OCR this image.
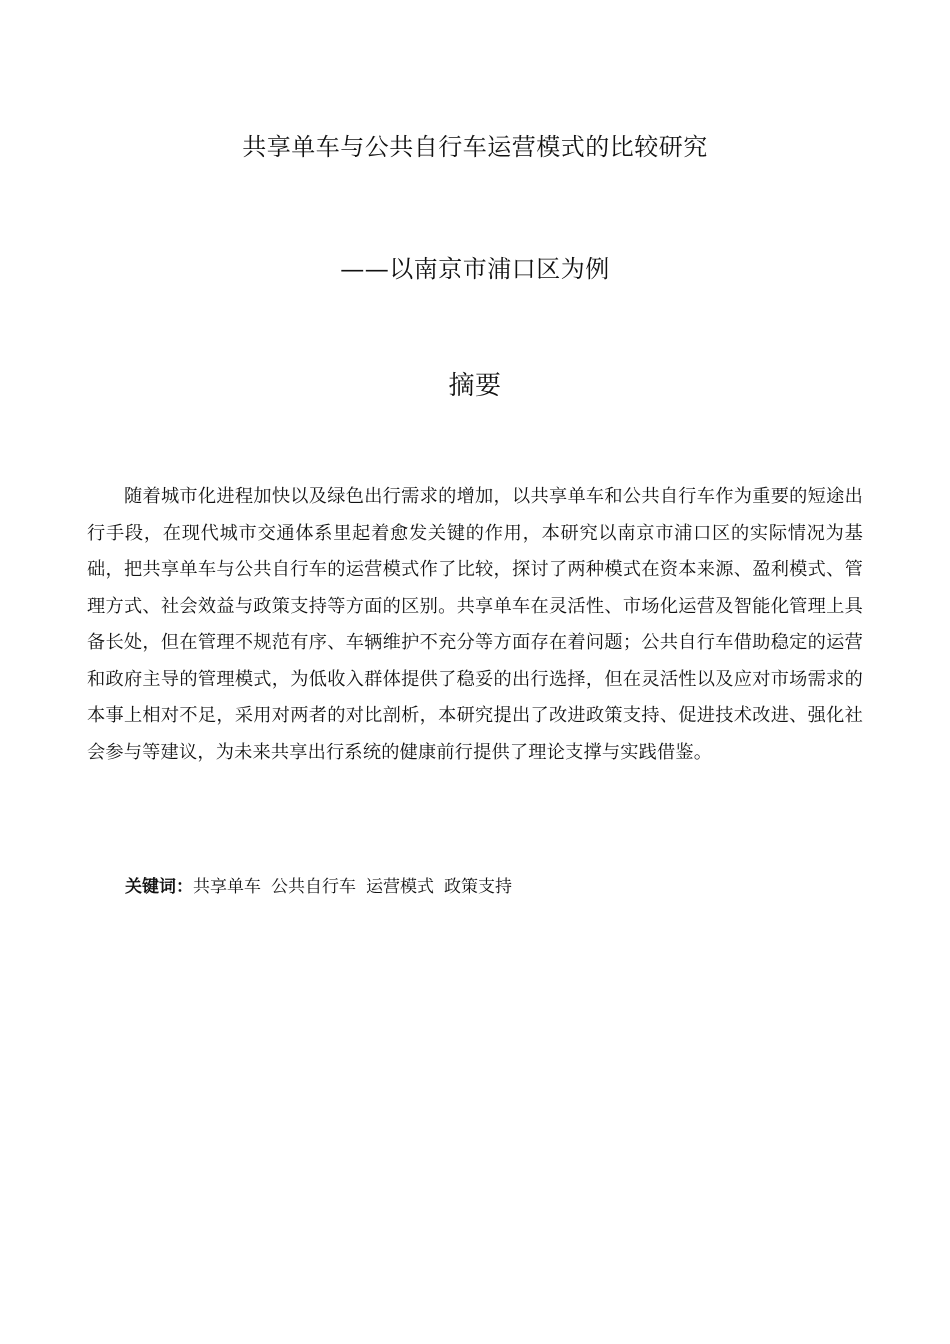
共享单车与公共自行车运营模式的比较研究
——以南京市浦口区为例
摘要
随着城市化进程加快以及绿色出行需求的增加，以共享单车和公共自行车作为重要的短途出行手段，在现代城市交通体系里起着愈发关键的作用，本研究以南京市浦口区的实际情况为基础，把共享单车与公共自行车的运营模式作了比较，探讨了两种模式在资本来源、盈利模式、管理方式、社会效益与政策支持等方面的区别。共享单车在灵活性、市场化运营及智能化管理上具备长处，但在管理不规范有序、车辆维护不充分等方面存在着问题；公共自行车借助稳定的运营和政府主导的管理模式，为低收入群体提供了稳妥的出行选择，但在灵活性以及应对市场需求的本事上相对不足，采用对两者的对比剖析，本研究提出了改进政策支持、促进技术改进、强化社会参与等建议，为未来共享出行系统的健康前行提供了理论支撑与实践借鉴。
关键词：共享单车 公共自行车 运营模式 政策支持
